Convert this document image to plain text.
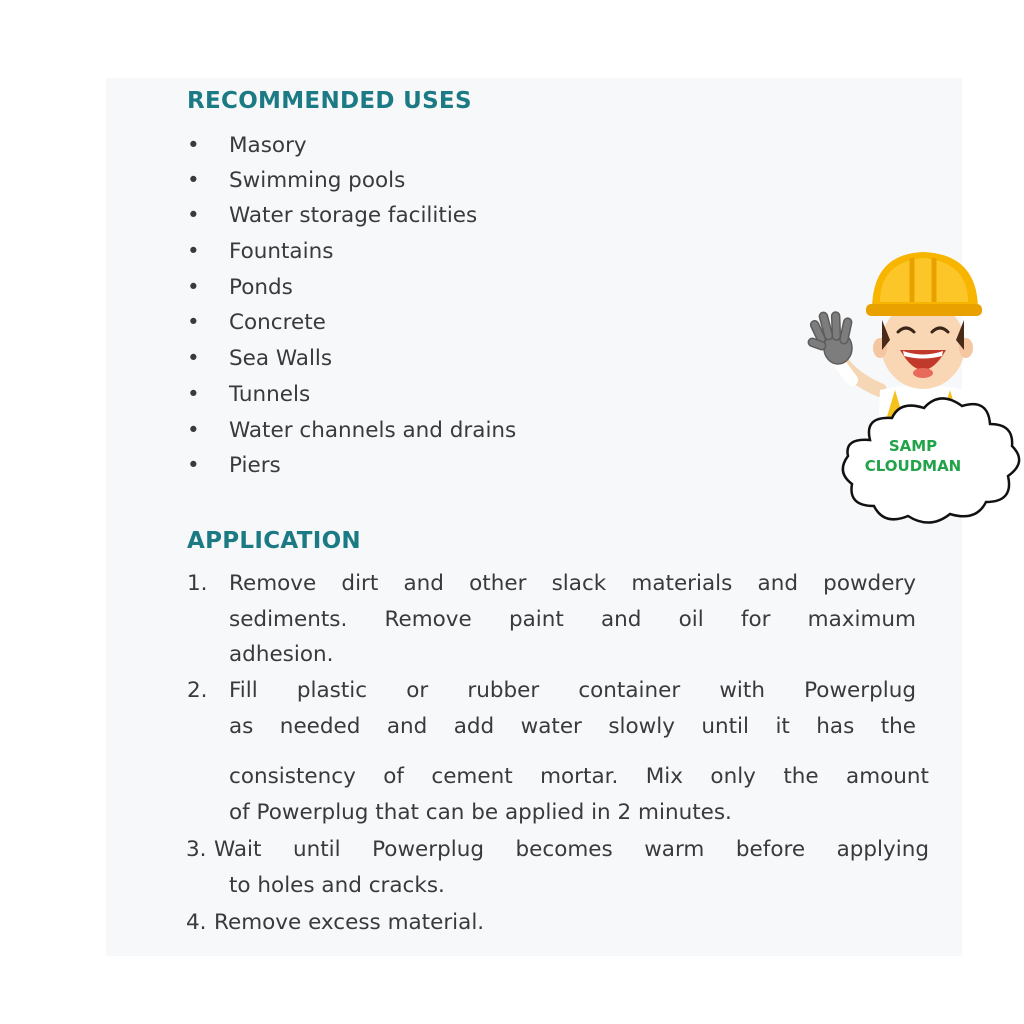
RECOMMENDED USES
•	Masory
•	Swimming pools
•	Water storage facilities
•	Fountains
•	Ponds
•	Concrete
•	Sea Walls
•	Tunnels
•	Water channels and drains
•	Piers
APPLICATION
1. Remove dirt and other slack materials and powdery
sediments. Remove paint and oil for maximum
adhesion.
2. Fill plastic or rubber container with Powerplug
as needed and add water slowly until it has the
consistency of cement mortar. Mix only the amount
of Powerplug that can be applied in 2 minutes.
3. Wait until Powerplug becomes warm before applying
to holes and cracks.
4. Remove excess material.
SAMP
CLOUDMAN
